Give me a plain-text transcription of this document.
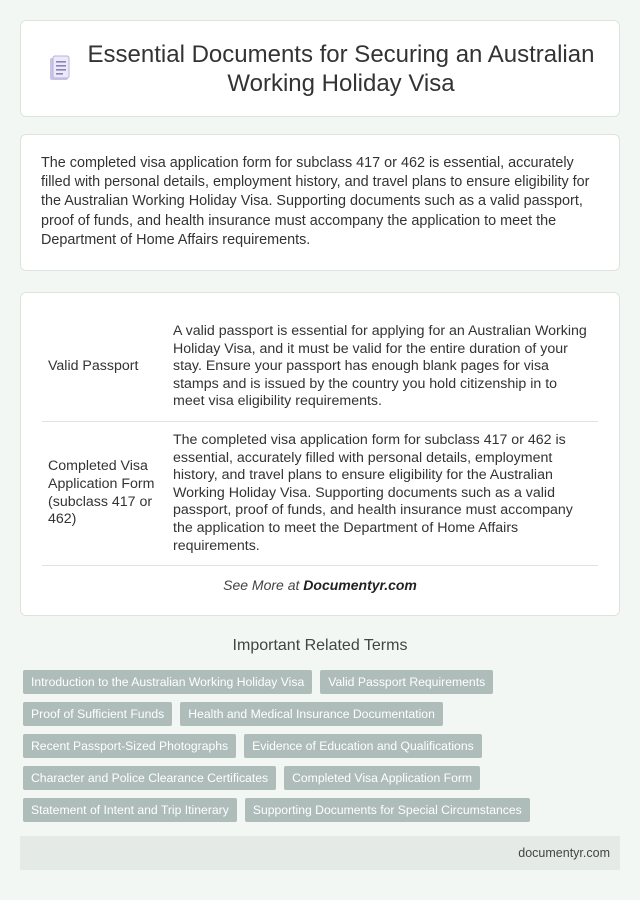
Essential Documents for Securing an Australian Working Holiday Visa
The completed visa application form for subclass 417 or 462 is essential, accurately filled with personal details, employment history, and travel plans to ensure eligibility for the Australian Working Holiday Visa. Supporting documents such as a valid passport, proof of funds, and health insurance must accompany the application to meet the Department of Home Affairs requirements.
Valid Passport	A valid passport is essential for applying for an Australian Working Holiday Visa, and it must be valid for the entire duration of your stay. Ensure your passport has enough blank pages for visa stamps and is issued by the country you hold citizenship in to meet visa eligibility requirements.
Completed Visa Application Form (subclass 417 or 462)	The completed visa application form for subclass 417 or 462 is essential, accurately filled with personal details, employment history, and travel plans to ensure eligibility for the Australian Working Holiday Visa. Supporting documents such as a valid passport, proof of funds, and health insurance must accompany the application to meet the Department of Home Affairs requirements.
See More at Documentyr.com
Important Related Terms
Introduction to the Australian Working Holiday Visa	Valid Passport Requirements
Proof of Sufficient Funds	Health and Medical Insurance Documentation
Recent Passport-Sized Photographs	Evidence of Education and Qualifications
Character and Police Clearance Certificates	Completed Visa Application Form
Statement of Intent and Trip Itinerary	Supporting Documents for Special Circumstances
documentyr.com
